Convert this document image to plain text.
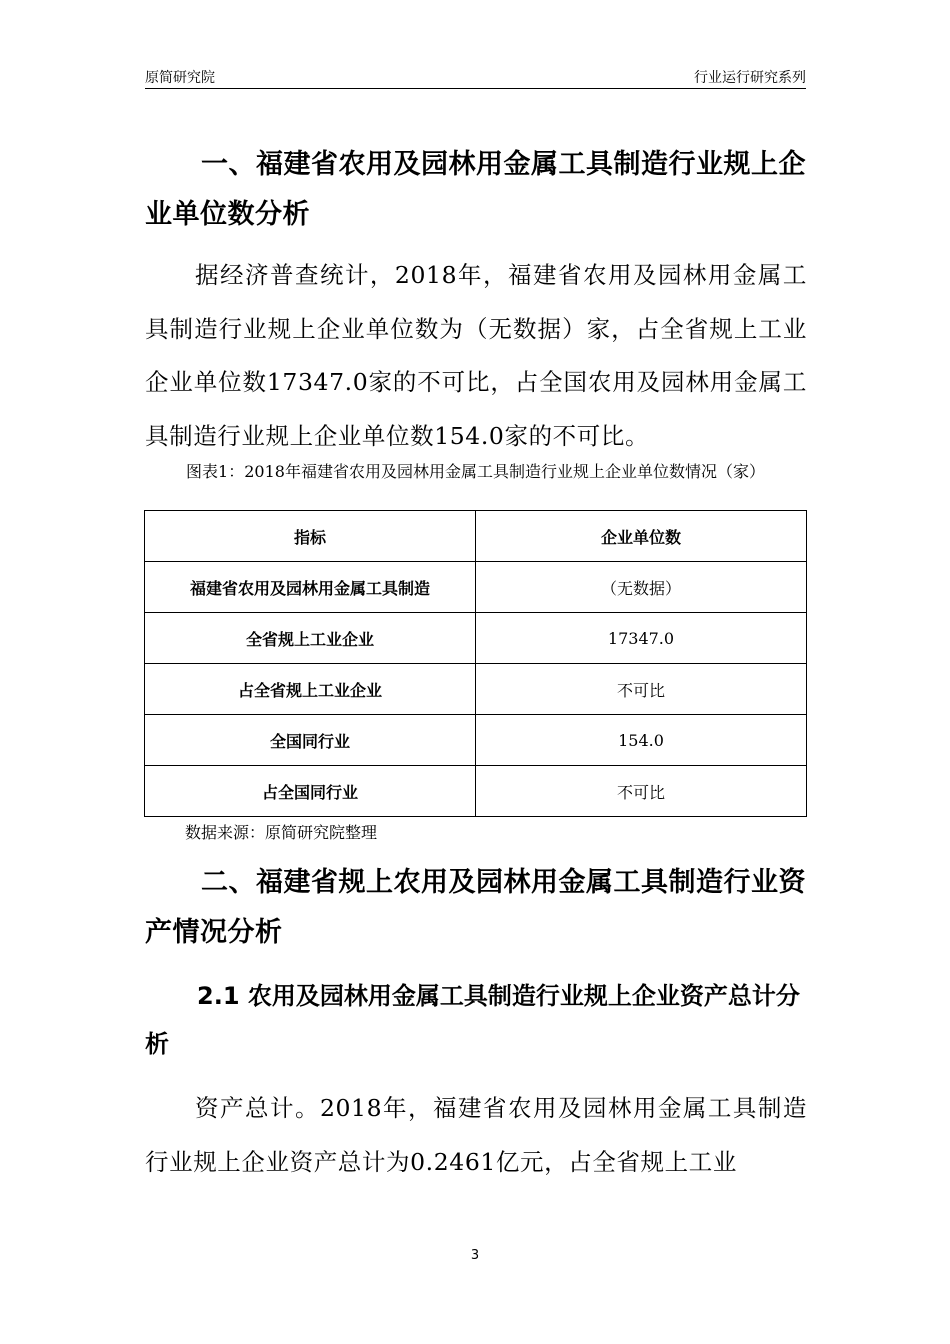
原简研究院	行业运行研究系列
一、福建省农用及园林用金属工具制造行业规上企业单位数分析
据经济普查统计，2018年，福建省农用及园林用金属工具制造行业规上企业单位数为（无数据）家，占全省规上工业企业单位数17347.0家的不可比，占全国农用及园林用金属工具制造行业规上企业单位数154.0家的不可比。
图表1：2018年福建省农用及园林用金属工具制造行业规上企业单位数情况（家）
指标	企业单位数
福建省农用及园林用金属工具制造	（无数据）
全省规上工业企业	17347.0
占全省规上工业企业	不可比
全国同行业	154.0
占全国同行业	不可比
数据来源：原简研究院整理
二、福建省规上农用及园林用金属工具制造行业资产情况分析
2.1 农用及园林用金属工具制造行业规上企业资产总计分析
资产总计。2018年，福建省农用及园林用金属工具制造行业规上企业资产总计为0.2461亿元，占全省规上工业
3
